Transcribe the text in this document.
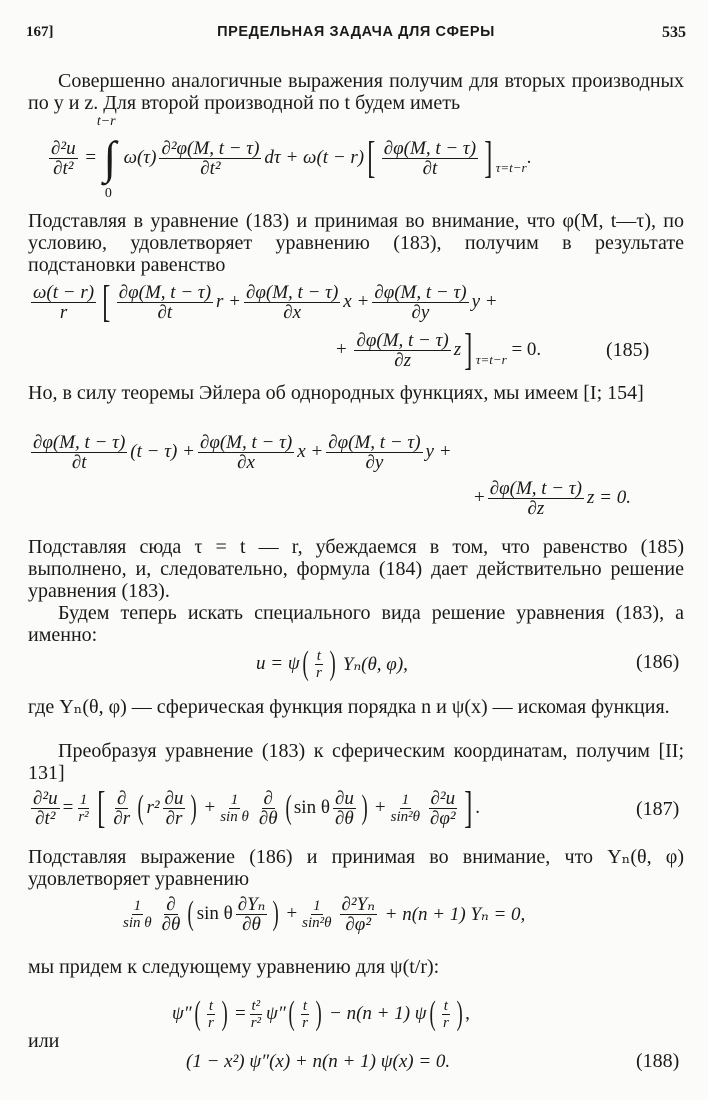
167]	ПРЕДЕЛЬНАЯ ЗАДАЧА ДЛЯ СФЕРЫ	535
Совершенно аналогичные выражения получим для вторых производных по y и z. Для второй производной по t будем иметь
$\frac{\text{∂²u}}{\text{∂t²}}$ =
t−r
∫
0
ω(τ) ∂²φ(M, t − τ)
∂t² dτ + ω(t − r) [ ∂φ(M, t − τ)
∂t ] τ=t−r .
Подставляя в уравнение (183) и принимая во внимание, что φ(M, t—τ), по условию, удовлетворяет уравнению (183), получим в результате подстановки равенство
ω(t − r)
r [ ∂φ(M, t − τ)
∂t $r + \frac{\partial\varphi(M, t - \tau)}{\partial x}$ $x + \frac{\partial\varphi(M, t - \tau)}{\partial y}$ y +
+ $\frac{\partial\varphi(M, t - \tau)}{\partial z}$ z ] τ=t−r = 0.	(185)
Но, в силу теоремы Эйлера об однородных функциях, мы имеем [I; 154]
∂φ(M, t − τ)
∂t $(t - \tau) + \frac{\partial\varphi(M, t - \tau)}{\partial x}$ $x + \frac{\partial\varphi(M, t - \tau)}{\partial y}$ y +
+ $\frac{\partial\varphi(M, t - \tau)}{\partial z}$ z = 0.
Подставляя сюда τ = t — r, убеждаемся в том, что равенство (185) выполнено, и, следовательно, формула (184) дает действительно решение уравнения (183).
Будем теперь искать специального вида решение уравнения (183), а именно:
u = ψ ( t
r ) Yₙ(θ, φ),	(186)
где Yₙ(θ, φ) — сферическая функция порядка n и ψ(x) — искомая функция.
Преобразуя уравнение (183) к сферическим координатам, получим [II; 131]
$\frac{\text{∂²u}}{\text{∂t²}} = \frac{1}{\text{r²}}$ [ ∂
∂r ( r² ∂u
∂r ) + $\frac{1}{\text{sin θ}}$ ∂
∂θ ( sin θ ∂u
∂θ ) + $\frac{1}{\text{sin²θ}} \partial^2u$
∂φ² ] .	(187)
Подставляя выражение (186) и принимая во внимание, что Yₙ(θ, φ) удовлетворяет уравнению
1
sin θ
∂
∂θ ( sin θ ∂Yₙ
∂θ ) + $\frac{1}{\text{sin²θ}} \partial^2Y_n$
∂φ² + n(n + 1) Yₙ = 0,
мы придем к следующему уравнению для ψ(t/r):
ψ″ ( t
r ) = $\frac{\text{t²}}{\text{r²}} \psi''$ ( t
r ) − n(n + 1) ψ ( t
r ) ,
или
(1 − x²) ψ″(x) + n(n + 1) ψ(x) = 0.	(188)
